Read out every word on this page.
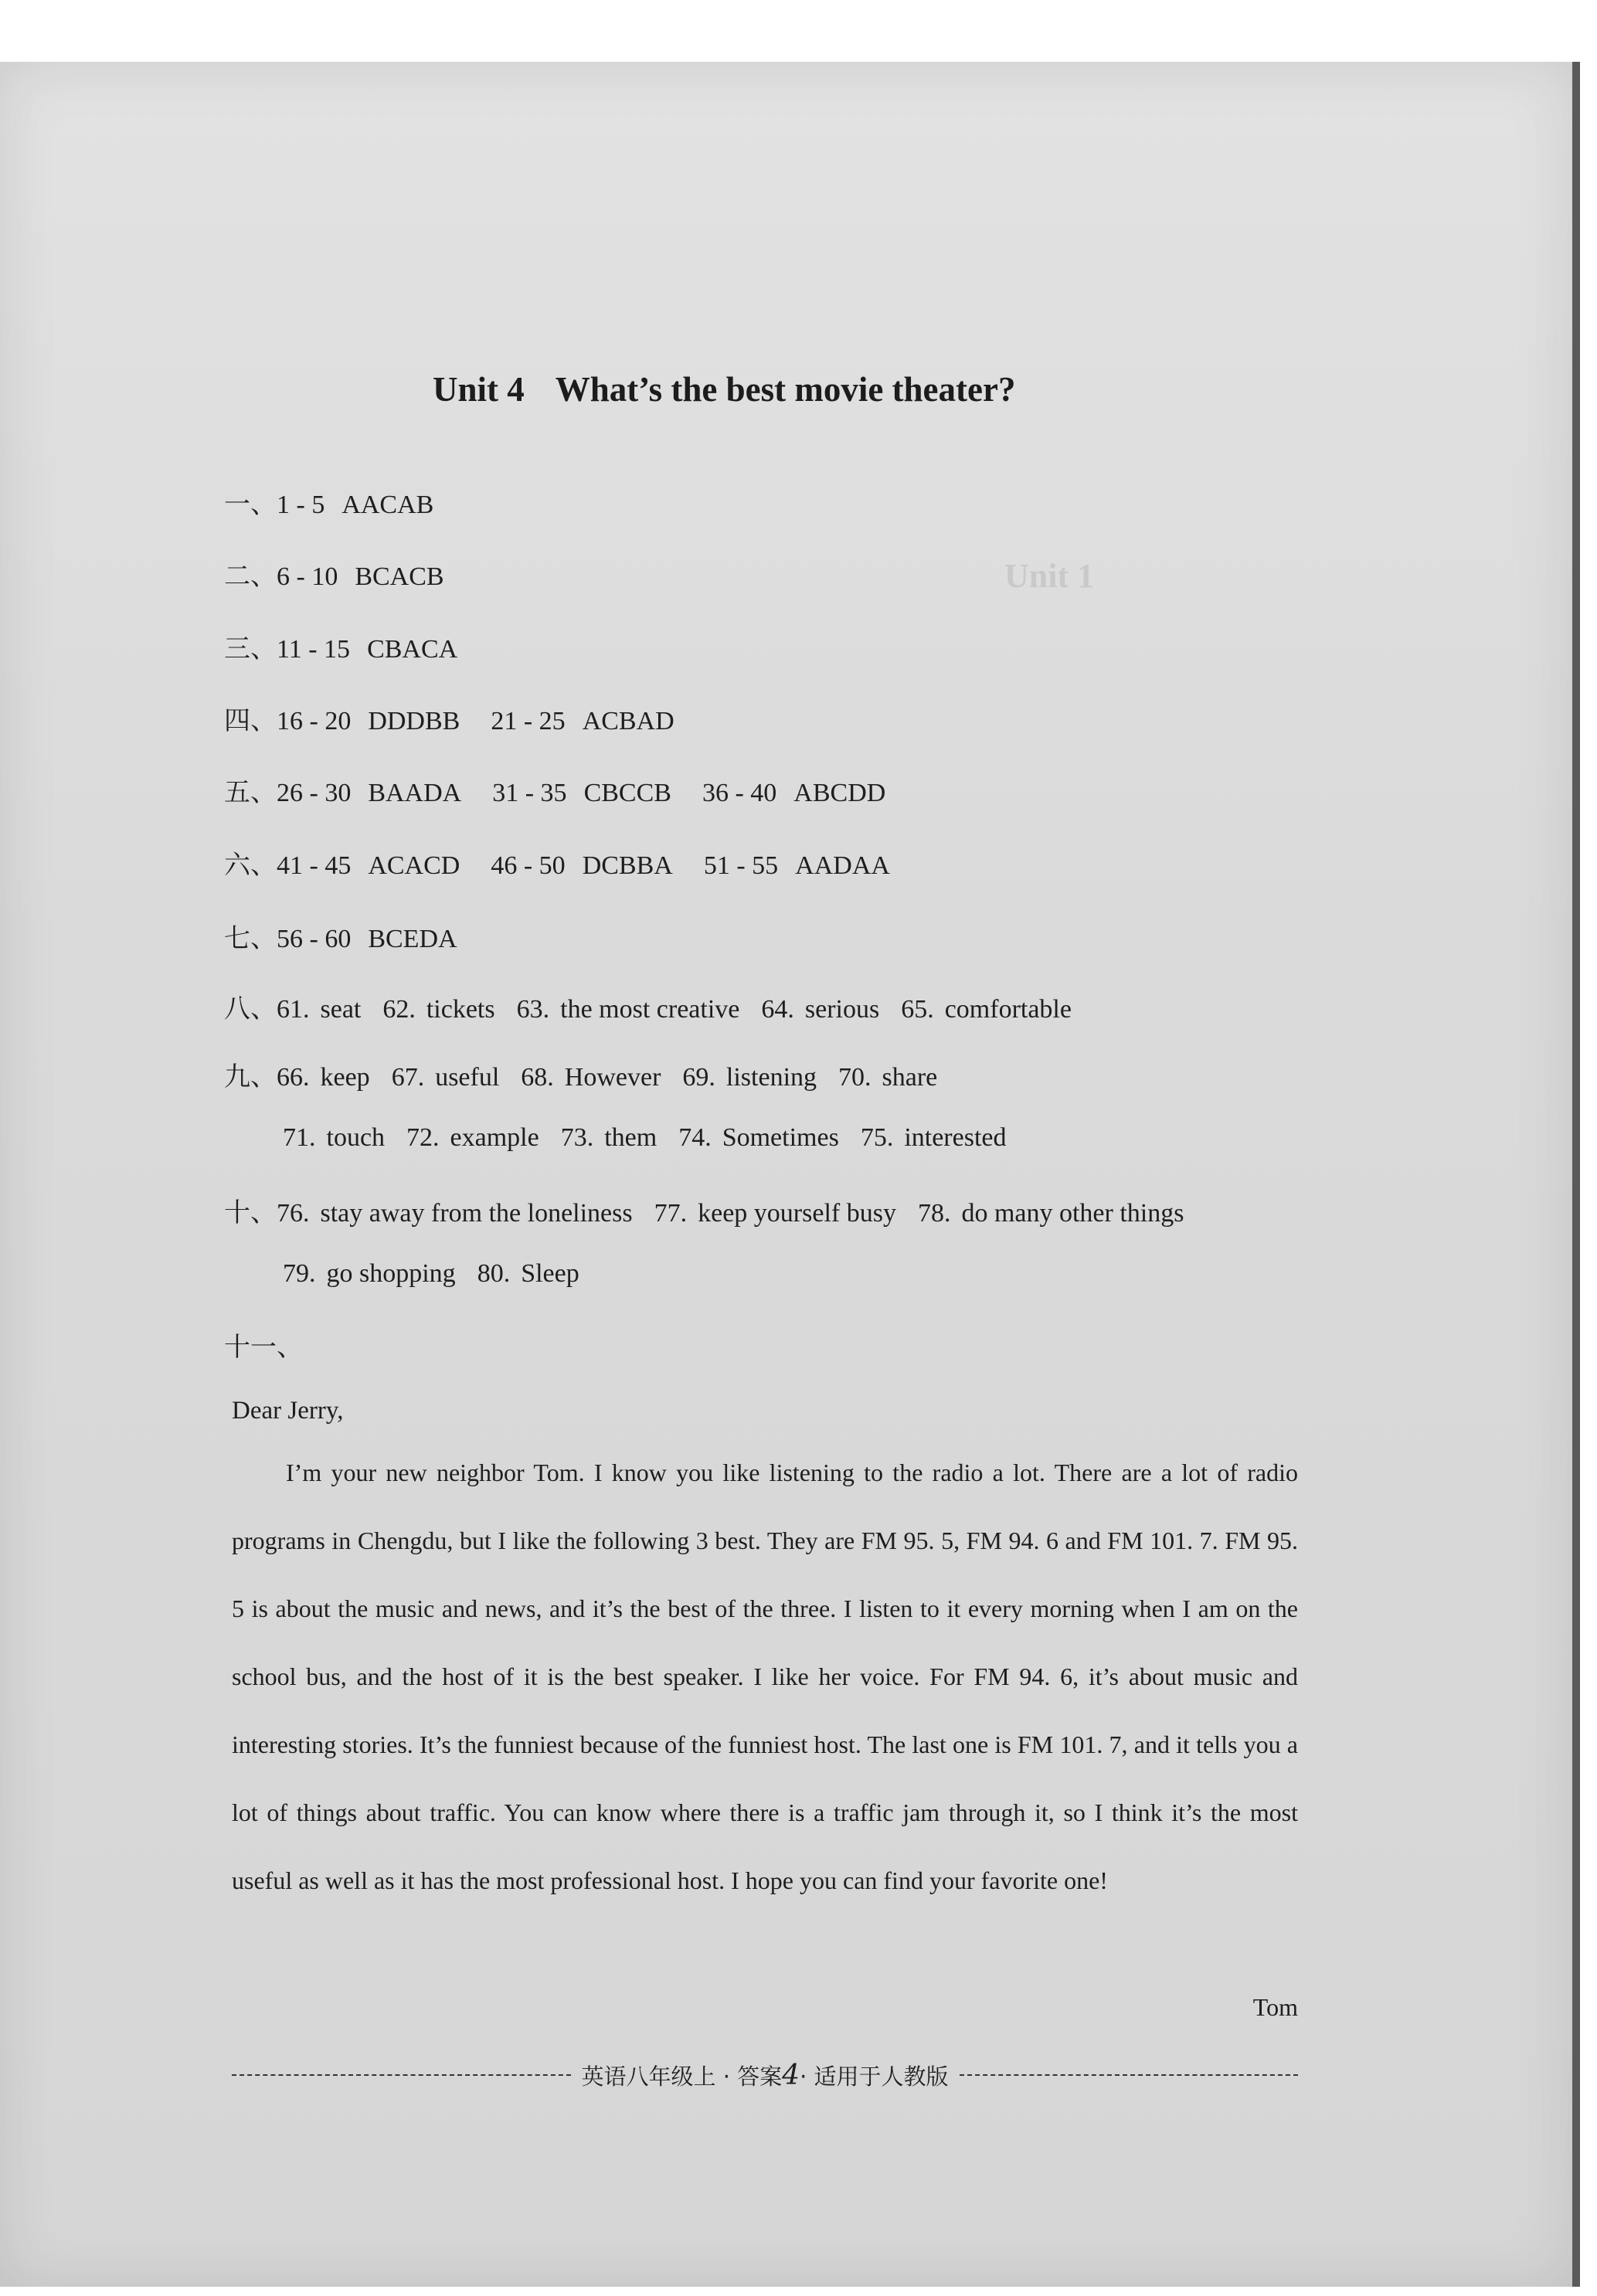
Unit 1
Unit 4 What’s the best movie theater?
一、1 - 5 AACAB
二、6 - 10 BCACB
三、11 - 15 CBACA
四、16 - 20 DDDBB 21 - 25 ACBAD
五、26 - 30 BAADA 31 - 35 CBCCB 36 - 40 ABCDD
六、41 - 45 ACACD 46 - 50 DCBBA 51 - 55 AADAA
七、56 - 60 BCEDA
八、61. seat 62. tickets 63. the most creative 64. serious 65. comfortable
九、66. keep 67. useful 68. However 69. listening 70. share
71. touch 72. example 73. them 74. Sometimes 75. interested
十、76. stay away from the loneliness 77. keep yourself busy 78. do many other things
79. go shopping 80. Sleep
十一、
Dear Jerry,
I’m your new neighbor Tom. I know you like listening to the radio a lot. There are a lot of radio programs in Chengdu, but I like the following 3 best. They are FM 95. 5, FM 94. 6 and FM 101. 7. FM 95. 5 is about the music and news, and it’s the best of the three. I listen to it every morning when I am on the school bus, and the host of it is the best speaker. I like her voice. For FM 94. 6, it’s about music and interesting stories. It’s the funniest because of the funniest host. The last one is FM 101. 7, and it tells you a lot of things about traffic. You can know where there is a traffic jam through it, so I think it’s the most useful as well as it has the most professional host. I hope you can find your favorite one!
Tom
英语八年级上 · 答案4· 适用于人教版
